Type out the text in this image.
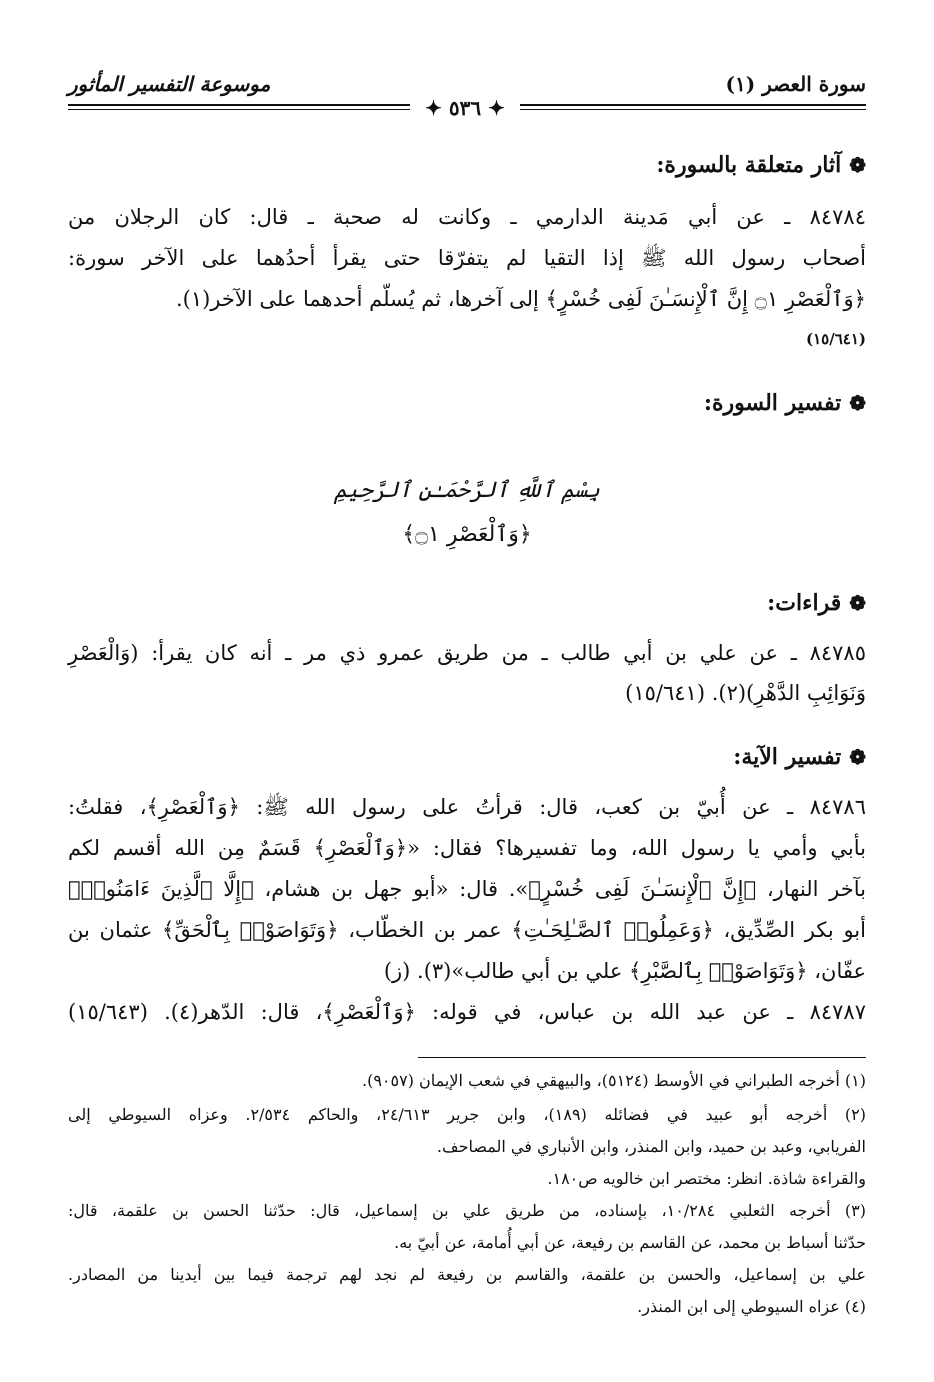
سورة العصر (١)
موسوعة التفسير المأثور
✦ ٥٣٦ ✦
❁آثار متعلقة بالسورة:
٨٤٧٨٤ ـ عن أبي مَدينة الدارمي ـ وكانت له صحبة ـ قال: كان الرجلان من
أصحاب رسول الله ﷺ إذا التقيا لم يتفرّقا حتى يقرأ أحدُهما على الآخر سورة:
﴿وَٱلْعَصْرِ ۝١ إِنَّ ٱلْإِنسَـٰنَ لَفِى خُسْرٍ﴾ إلى آخرها، ثم يُسلّم أحدهما على الآخر(١).
(١٥/٦٤١)
❁تفسير السورة:
بِسْمِ ٱللَّهِ ٱلرَّحْمَـٰنِ ٱلرَّحِيمِ
﴿وَٱلْعَصْرِ ۝١﴾
❁قراءات:
٨٤٧٨٥ ـ عن علي بن أبي طالب ـ من طريق عمرو ذي مر ـ أنه كان يقرأ: (وَالْعَصْرِ
وَنَوَائِبِ الدَّهْرِ)(٢). (١٥/٦٤١)
❁تفسير الآية:
٨٤٧٨٦ ـ عن أُبيّ بن كعب، قال: قرأتُ على رسول الله ﷺ: ﴿وَٱلْعَصْرِ﴾، فقلتُ:
بأبي وأمي يا رسول الله، وما تفسيرها؟ فقال: «﴿وَٱلْعَصْرِ﴾ قَسَمٌ مِن الله أقسم لكم
بآخر النهار، ﴿إِنَّ ٱلْإِنسَـٰنَ لَفِى خُسْرٍ﴾». قال: «أبو جهل بن هشام، ﴿إِلَّا ٱلَّذِينَ ءَامَنُوا۟﴾
أبو بكر الصِّدِّيق، ﴿وَعَمِلُوا۟ ٱلصَّـٰلِحَـٰتِ﴾ عمر بن الخطّاب، ﴿وَتَوَاصَوْا۟ بِٱلْحَقِّ﴾ عثمان بن
عفّان، ﴿وَتَوَاصَوْا۟ بِٱلصَّبْرِ﴾ علي بن أبي طالب»(٣). (ز)
٨٤٧٨٧ ـ عن عبد الله بن عباس، في قوله: ﴿وَٱلْعَصْرِ﴾، قال: الدّهر(٤). (١٥/٦٤٣)
(١) أخرجه الطبراني في الأوسط (٥١٢٤)، والبيهقي في شعب الإيمان (٩٠٥٧).
(٢) أخرجه أبو عبيد في فضائله (١٨٩)، وابن جرير ٢٤/٦١٣، والحاكم ٢/٥٣٤. وعزاه السيوطي إلى
الفريابي، وعبد بن حميد، وابن المنذر، وابن الأنباري في المصاحف.
والقراءة شاذة. انظر: مختصر ابن خالويه ص١٨٠.
(٣) أخرجه الثعلبي ١٠/٢٨٤، بإسناده، من طريق علي بن إسماعيل، قال: حدّثنا الحسن بن علقمة، قال:
حدّثنا أسباط بن محمد، عن القاسم بن رفيعة، عن أبي أُمامة، عن أبيّ به.
علي بن إسماعيل، والحسن بن علقمة، والقاسم بن رفيعة لم نجد لهم ترجمة فيما بين أيدينا من المصادر.
(٤) عزاه السيوطي إلى ابن المنذر.
